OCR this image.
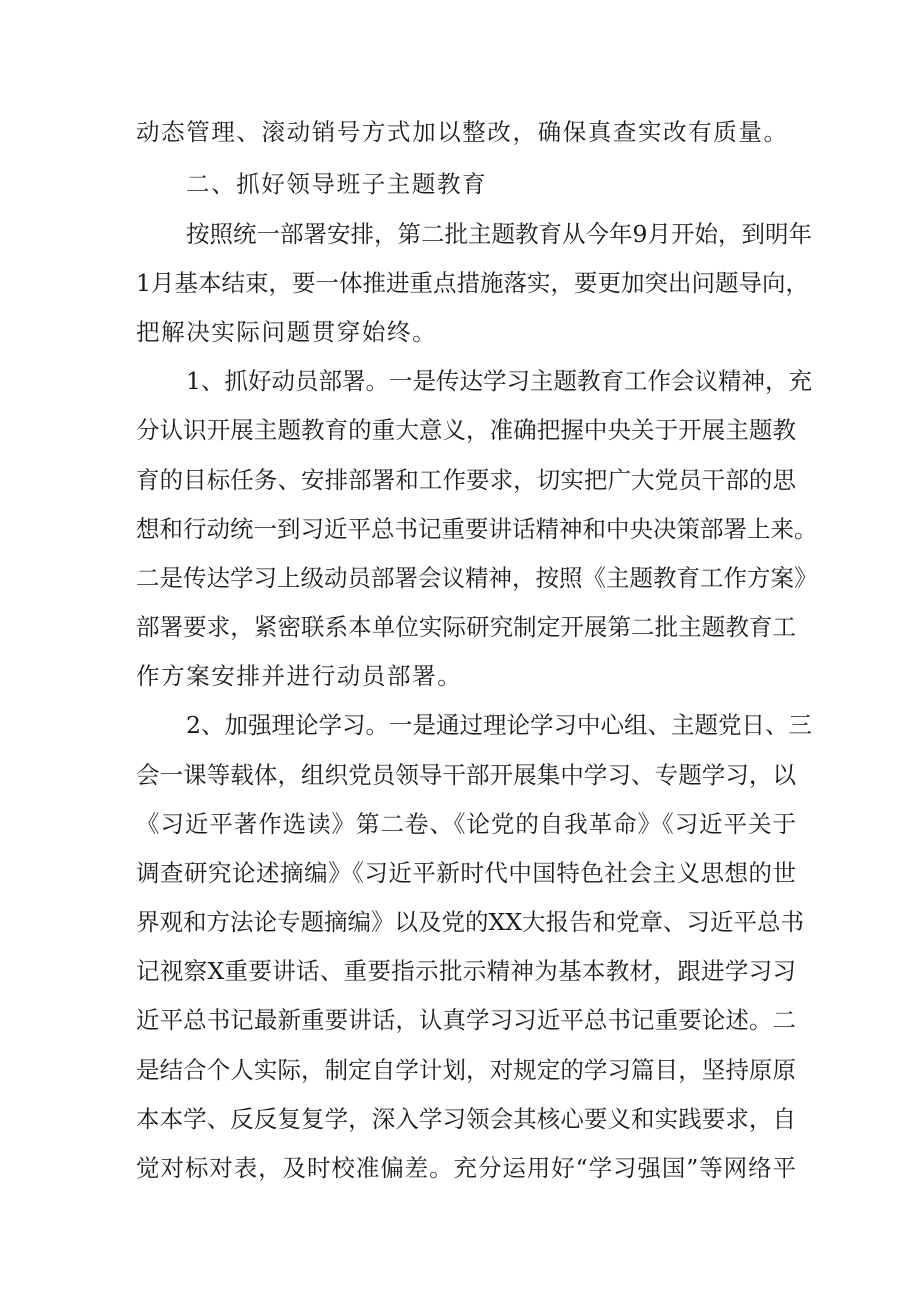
动态管理、滚动销号方式加以整改，确保真查实改有质量。

二、抓好领导班子主题教育

按照统一部署安排，第二批主题教育从今年9月开始，到明年

1月基本结束，要一体推进重点措施落实，要更加突出问题导向，

把解决实际问题贯穿始终。

1、抓好动员部署。一是传达学习主题教育工作会议精神，充

分认识开展主题教育的重大意义，准确把握中央关于开展主题教

育的目标任务、安排部署和工作要求，切实把广大党员干部的思

想和行动统一到习近平总书记重要讲话精神和中央决策部署上来。

二是传达学习上级动员部署会议精神，按照《主题教育工作方案》

部署要求，紧密联系本单位实际研究制定开展第二批主题教育工

作方案安排并进行动员部署。

2、加强理论学习。一是通过理论学习中心组、主题党日、三

会一课等载体，组织党员领导干部开展集中学习、专题学习，以

《习近平著作选读》第二卷、《论党的自我革命》《习近平关于

调查研究论述摘编》《习近平新时代中国特色社会主义思想的世

界观和方法论专题摘编》以及党的XX大报告和党章、习近平总书

记视察X重要讲话、重要指示批示精神为基本教材，跟进学习习

近平总书记最新重要讲话，认真学习习近平总书记重要论述。二

是结合个人实际，制定自学计划，对规定的学习篇目，坚持原原

本本学、反反复复学，深入学习领会其核心要义和实践要求，自

觉对标对表，及时校准偏差。充分运用好“学习强国”等网络平
